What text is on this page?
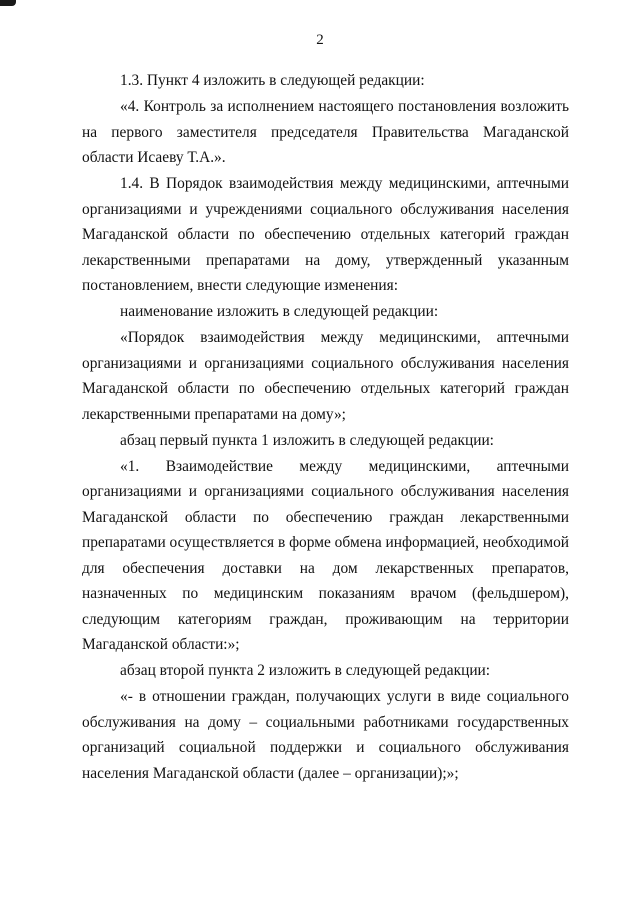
2

1.3. Пункт 4 изложить в следующей редакции:

«4. Контроль за исполнением настоящего постановления возложить на первого заместителя председателя Правительства Магаданской области Исаеву Т.А.».

1.4. В Порядок взаимодействия между медицинскими, аптечными организациями и учреждениями социального обслуживания населения Магаданской области по обеспечению отдельных категорий граждан лекарственными препаратами на дому, утвержденный указанным постановлением, внести следующие изменения:

наименование изложить в следующей редакции:

«Порядок взаимодействия между медицинскими, аптечными организациями и организациями социального обслуживания населения Магаданской области по обеспечению отдельных категорий граждан лекарственными препаратами на дому»;

абзац первый пункта 1 изложить в следующей редакции:

«1. Взаимодействие между медицинскими, аптечными организациями и организациями социального обслуживания населения Магаданской области по обеспечению граждан лекарственными препаратами осуществляется в форме обмена информацией, необходимой для обеспечения доставки на дом лекарственных препаратов, назначенных по медицинским показаниям врачом (фельдшером), следующим категориям граждан, проживающим на территории Магаданской области:»;

абзац второй пункта 2 изложить в следующей редакции:

«- в отношении граждан, получающих услуги в виде социального обслуживания на дому – социальными работниками государственных организаций социальной поддержки и социального обслуживания населения Магаданской области (далее – организации);»;
